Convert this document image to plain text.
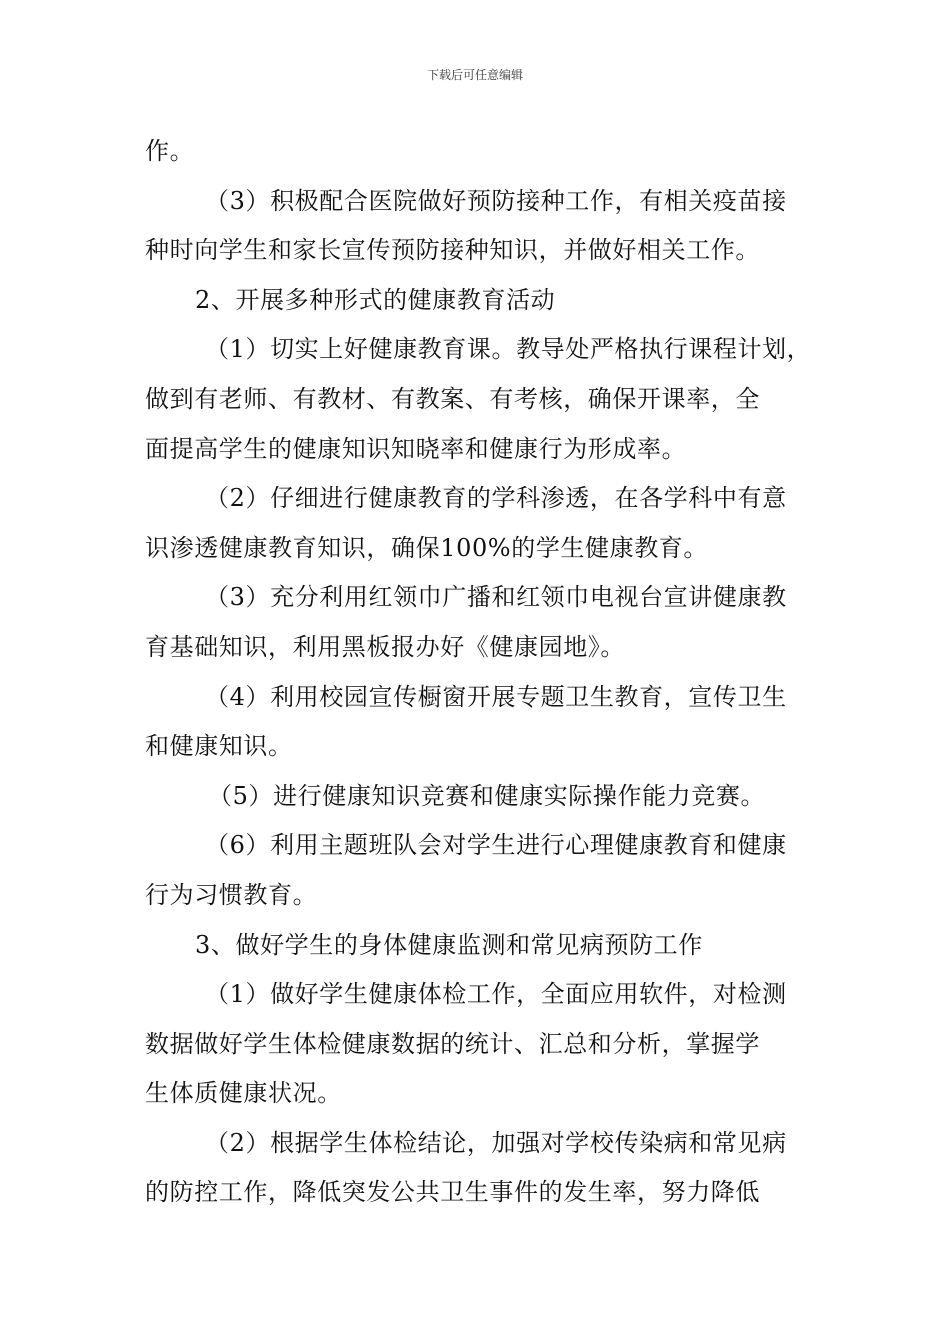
下载后可任意编辑

作。

（3）积极配合医院做好预防接种工作，有相关疫苗接

种时向学生和家长宣传预防接种知识，并做好相关工作。

2、开展多种形式的健康教育活动

（1）切实上好健康教育课。教导处严格执行课程计划，

做到有老师、有教材、有教案、有考核，确保开课率，全

面提高学生的健康知识知晓率和健康行为形成率。

（2）仔细进行健康教育的学科渗透，在各学科中有意

识渗透健康教育知识，确保100%的学生健康教育。

（3）充分利用红领巾广播和红领巾电视台宣讲健康教

育基础知识，利用黑板报办好《健康园地》。

（4）利用校园宣传橱窗开展专题卫生教育，宣传卫生

和健康知识。

（5）进行健康知识竞赛和健康实际操作能力竞赛。

（6）利用主题班队会对学生进行心理健康教育和健康

行为习惯教育。

3、做好学生的身体健康监测和常见病预防工作

（1）做好学生健康体检工作，全面应用软件，对检测

数据做好学生体检健康数据的统计、汇总和分析，掌握学

生体质健康状况。

（2）根据学生体检结论，加强对学校传染病和常见病

的防控工作，降低突发公共卫生事件的发生率，努力降低
